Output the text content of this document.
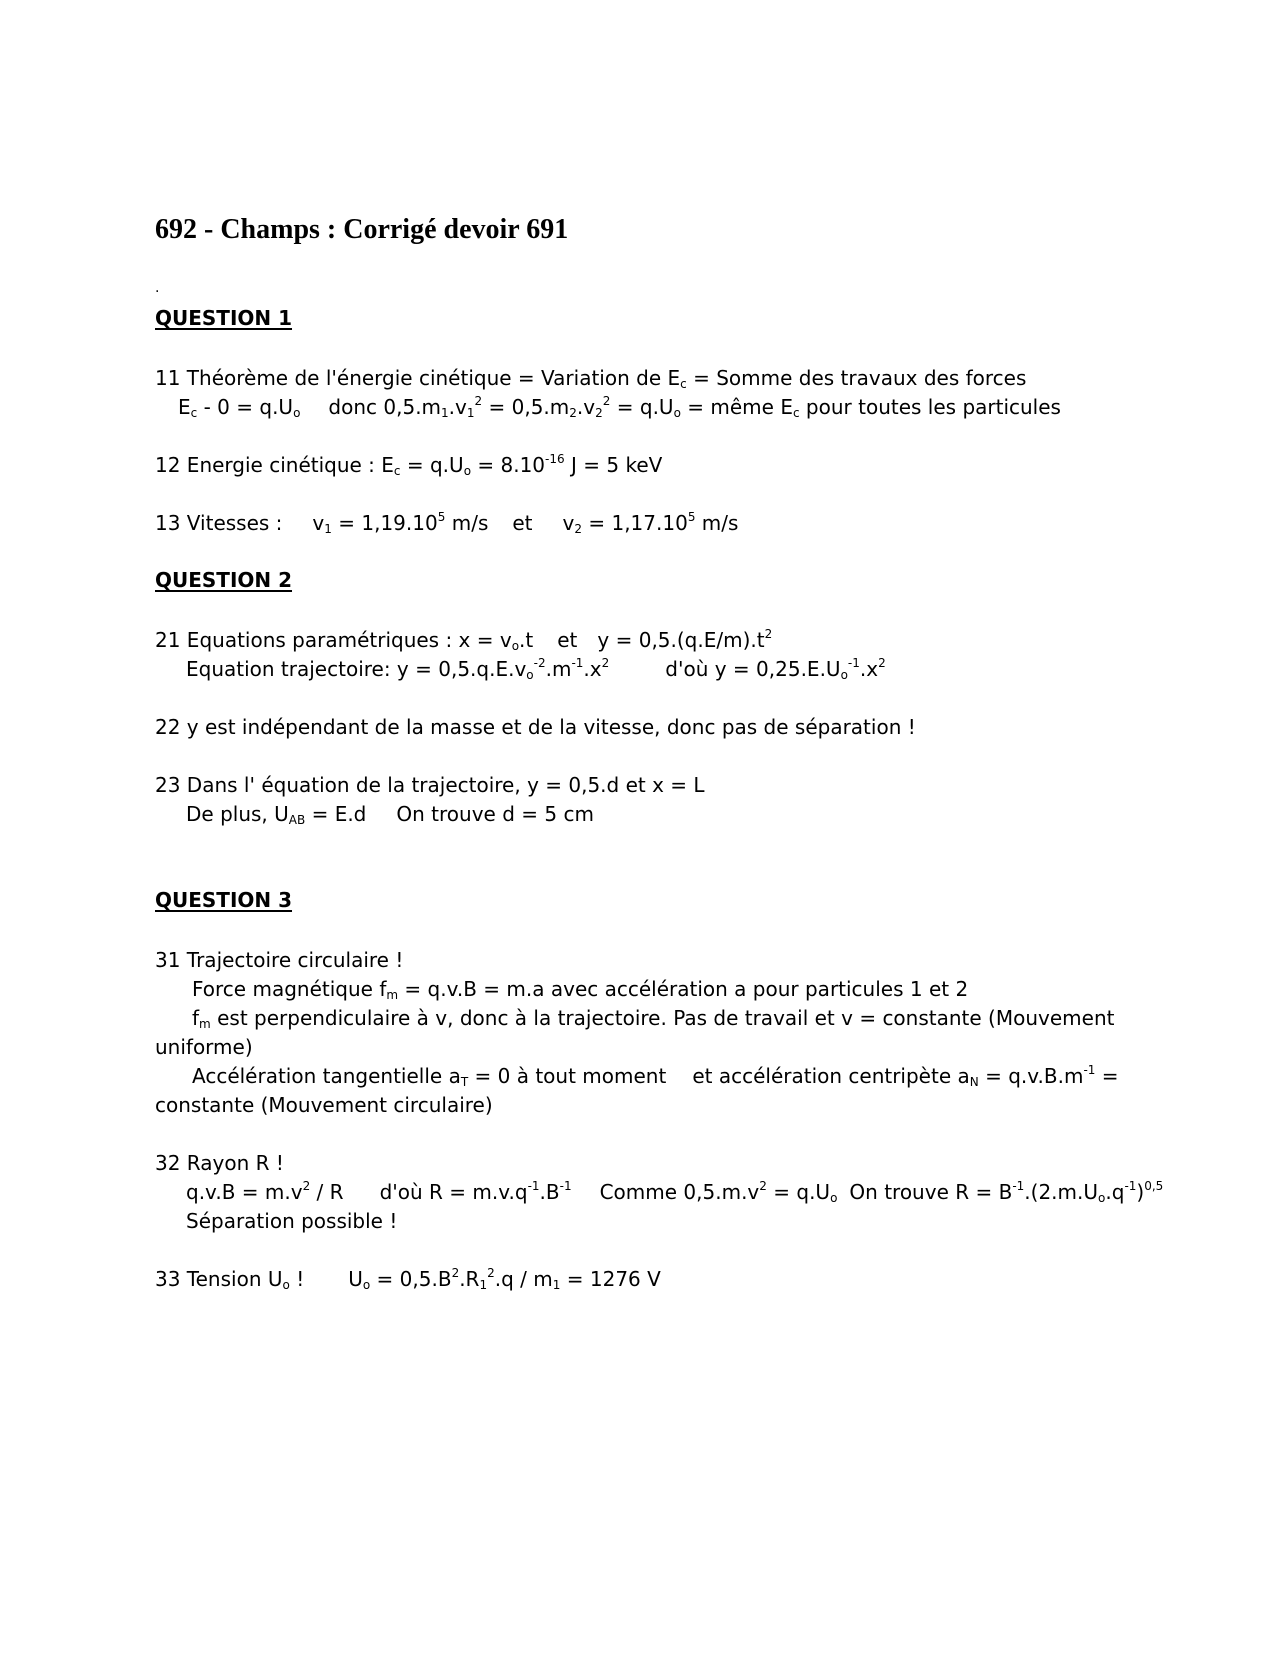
692 - Champs : Corrigé devoir 691
.
QUESTION 1
11 Théorème de l'énergie cinétique = Variation de $E_c$ = Somme des travaux des forces
$E_c - 0 = q.U_o$ donc $0,5.m_1.v_1^2 = 0,5.m_2.v_2^2 = q.U_o$ = même $E_c$ pour toutes les particules
12 Energie cinétique : $E_c = q.U_o = 8.10^{-16}$ J = 5 keV
13 Vitesses : $v_1 = 1,19.10^5$ m/s et $v_2 = 1,17.10^5$ m/s
QUESTION 2
21 Equations paramétriques : $x = v_o.t$ et $y = 0,5.(q.E/m).t^2$
Equation trajectoire: $y = 0,5.q.E.v_o^{-2}.m^{-1}.x^2$	d'où $y = 0,25.E.U_o^{-1}.x^2$
22 y est indépendant de la masse et de la vitesse, donc pas de séparation !
23 Dans l' équation de la trajectoire, y = 0,5.d et x = L
De plus, $U_{AB} = E.d$ On trouve d = 5 cm
QUESTION 3
31 Trajectoire circulaire !
Force magnétique $f_m = q.v.B = m.a$ avec accélération a pour particules 1 et 2
$f_m$ est perpendiculaire à v, donc à la trajectoire. Pas de travail et v = constante (Mouvement
uniforme)
Accélération tangentielle $a_T = 0$ à tout moment et accélération centripète $a_N = q.v.B.m^{-1}$ =
constante (Mouvement circulaire)
32 Rayon R !
$q.v.B = m.v^2 / R$ d'où $R = m.v.q^{-1}.B^{-1}$ Comme $0,5.m.v^2 = q.U_o$ On trouve $R = B^{-1}.(2.m.U_o.q^{-1})^{0,5}$
Séparation possible !
33 Tension $U_o$ ! $U_o = 0,5.B^2.R_1^2.q / m_1 = 1276$ V
